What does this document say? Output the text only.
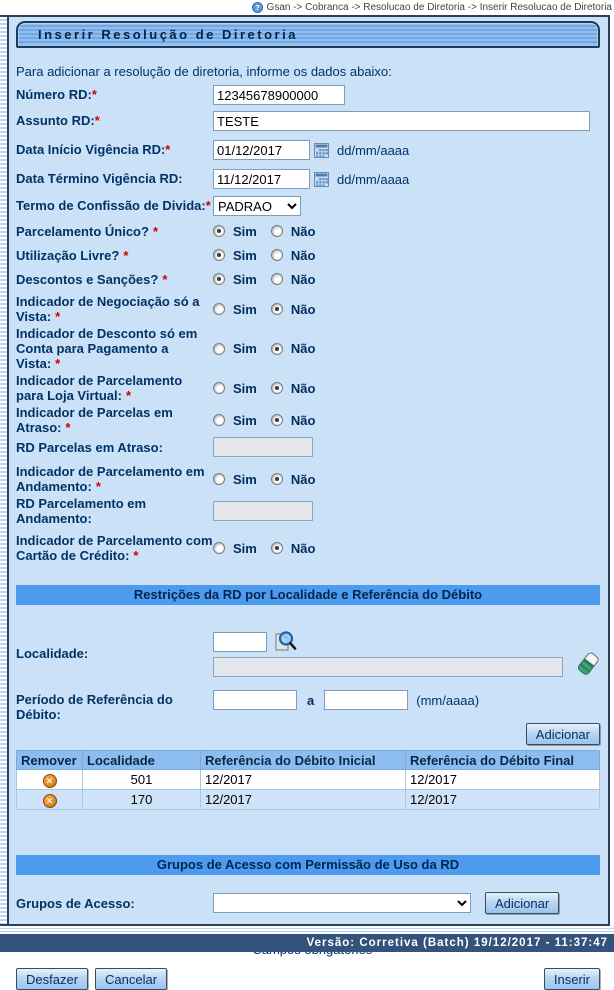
? Gsan -> Cobranca -> Resolucao de Diretoria -> Inserir Resolucao de Diretoria
Inserir Resolução de Diretoria
Para adicionar a resolução de diretoria, informe os dados abaixo:
Número RD:*
12345678900000
Assunto RD:*
TESTE
Data Início Vigência RD:*
01/12/2017	dd/mm/aaaa
Data Término Vigência RD:
11/12/2017	dd/mm/aaaa
Termo de Confissão de Divida:*
PADRAO
Parcelamento Único? *	Sim	Não
Utilização Livre? *	Sim	Não
Descontos e Sanções? *	Sim	Não
Indicador de Negociação só a Vista: *	Sim	Não
Indicador de Desconto só em Conta para Pagamento a Vista: *
Sim	Não
Indicador de Parcelamento para Loja Virtual: *	Sim	Não
Indicador de Parcelas em Atraso: *	Sim	Não
RD Parcelas em Atraso:
Indicador de Parcelamento em Andamento: *	Sim	Não
RD Parcelamento em Andamento:
Indicador de Parcelamento com Cartão de Crédito: *	Sim	Não
Restrições da RD por Localidade e Referência do Débito
Localidade:
Período de Referência do Débito:
a	(mm/aaaa)
Adicionar
Remover	Localidade	Referência do Débito Inicial	Referência do Débito Final
✕	501	12/2017	12/2017
✕	170	12/2017	12/2017
Grupos de Acesso com Permissão de Uso da RD
Grupos de Acesso:	Adicionar
Desfazer	Cancelar	Inserir
Versão: Corretiva (Batch) 19/12/2017 - 11:37:47
